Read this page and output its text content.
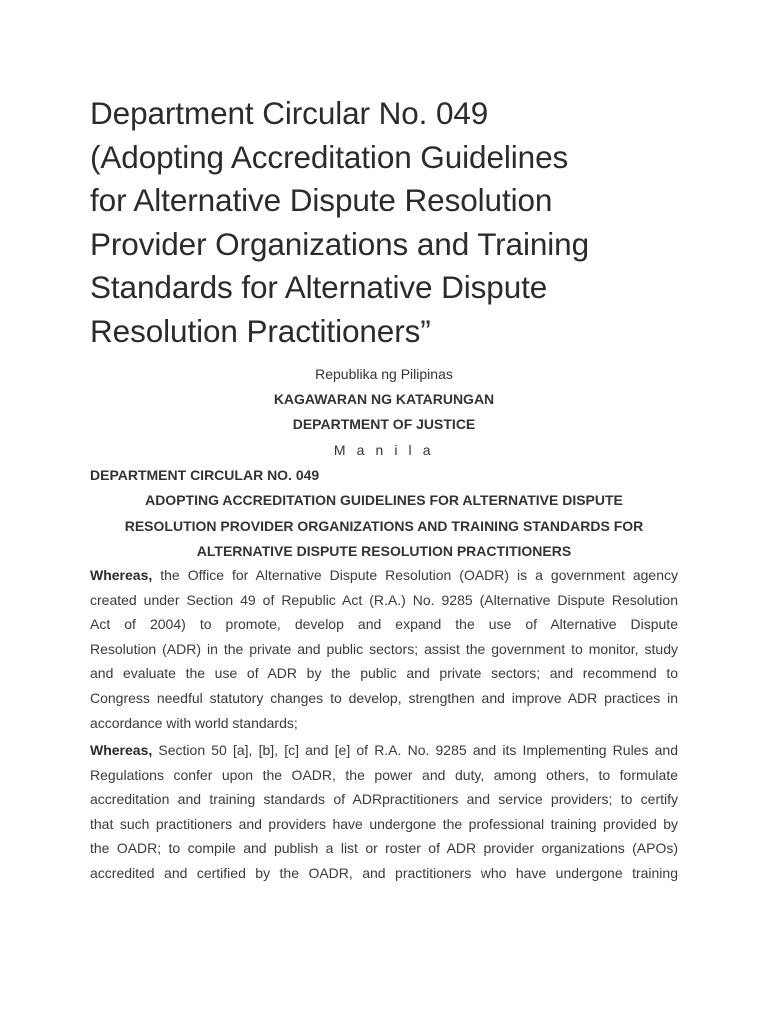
Department Circular No. 049
(Adopting Accreditation Guidelines
for Alternative Dispute Resolution
Provider Organizations and Training
Standards for Alternative Dispute
Resolution Practitioners”
Republika ng Pilipinas
KAGAWARAN NG KATARUNGAN
DEPARTMENT OF JUSTICE
M a n i l a
DEPARTMENT CIRCULAR NO. 049
ADOPTING ACCREDITATION GUIDELINES FOR ALTERNATIVE DISPUTE
RESOLUTION PROVIDER ORGANIZATIONS AND TRAINING STANDARDS FOR
ALTERNATIVE DISPUTE RESOLUTION PRACTITIONERS

Whereas, the Office for Alternative Dispute Resolution (OADR) is a government agency
created under Section 49 of Republic Act (R.A.) No. 9285 (Alternative Dispute Resolution
Act of 2004) to promote, develop and expand the use of Alternative Dispute
Resolution (ADR) in the private and public sectors; assist the government to monitor, study
and evaluate the use of ADR by the public and private sectors; and recommend to
Congress needful statutory changes to develop, strengthen and improve ADR practices in
accordance with world standards;

Whereas, Section 50 [a], [b], [c] and [e] of R.A. No. 9285 and its Implementing Rules and
Regulations confer upon the OADR, the power and duty, among others, to formulate
accreditation and training standards of ADRpractitioners and service providers; to certify
that such practitioners and providers have undergone the professional training provided by
the OADR; to compile and publish a list or roster of ADR provider organizations (APOs)
accredited and certified by the OADR, and practitioners who have undergone training
